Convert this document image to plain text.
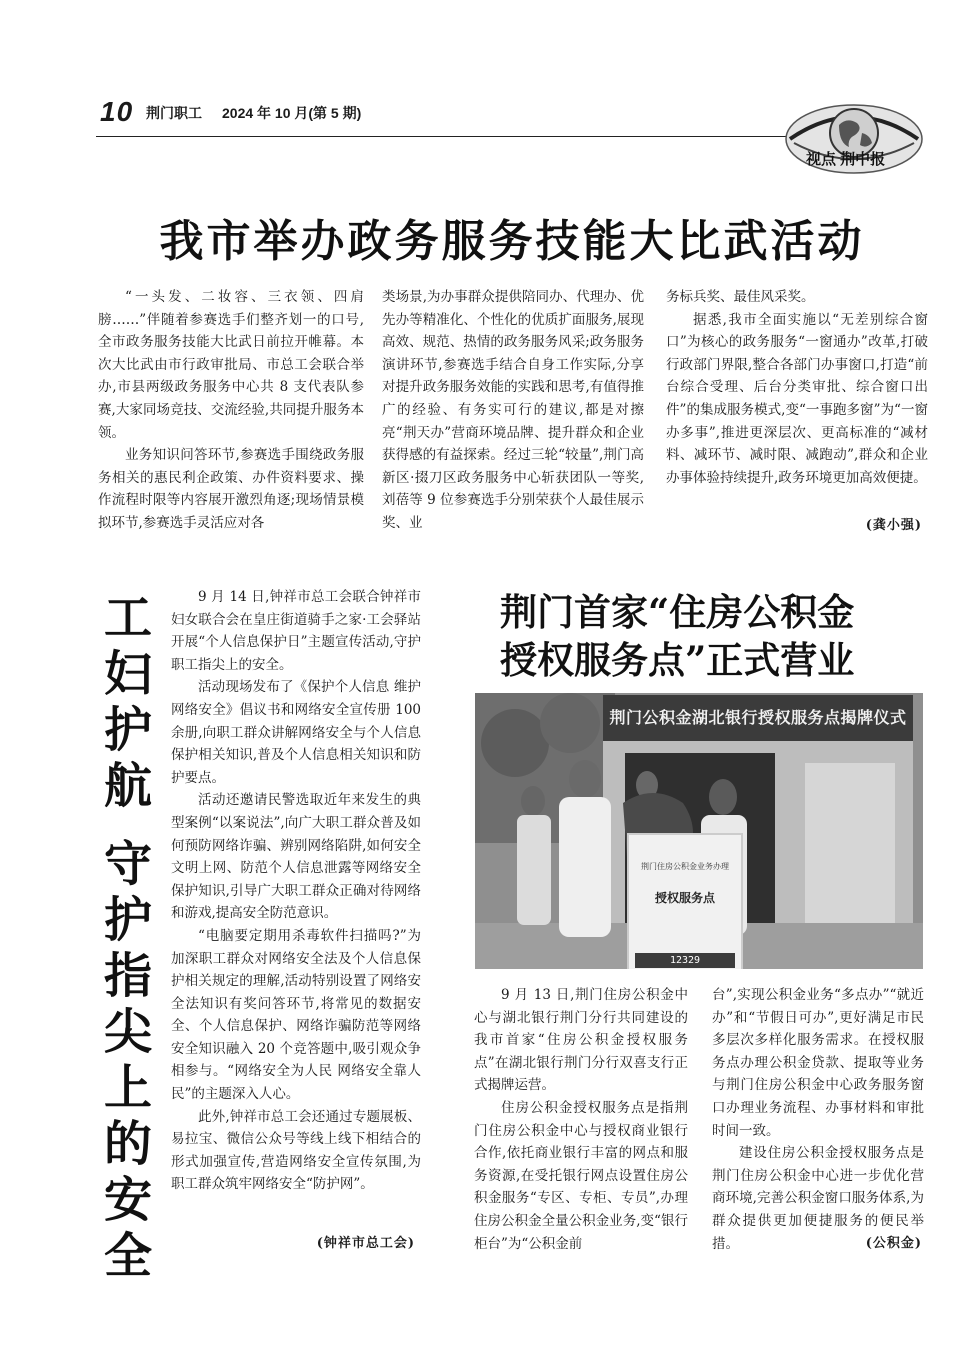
10 荆门职工 2024 年 10 月(第 5 期)
视点 荆中报
我市举办政务服务技能大比武活动

“一头发、二妆容、三衣领、四肩膀……”伴随着参赛选手们整齐划一的口号,全市政务服务技能大比武日前拉开帷幕。本次大比武由市行政审批局、市总工会联合举办,市县两级政务服务中心共 8 支代表队参赛,大家同场竞技、交流经验,共同提升服务本领。

业务知识问答环节,参赛选手围绕政务服务相关的惠民利企政策、办件资料要求、操作流程时限等内容展开激烈角逐;现场情景模拟环节,参赛选手灵活应对各

类场景,为办事群众提供陪同办、代理办、优先办等精准化、个性化的优质扩面服务,展现高效、规范、热情的政务服务风采;政务服务演讲环节,参赛选手结合自身工作实际,分享对提升政务服务效能的实践和思考,有值得推广的经验、有务实可行的建议,都是对擦亮“荆天办”营商环境品牌、提升群众和企业获得感的有益探索。经过三轮“较量”,荆门高新区·掇刀区政务服务中心斩获团队一等奖,刘蓓等 9 位参赛选手分别荣获个人最佳展示奖、业

务标兵奖、最佳风采奖。

据悉,我市全面实施以“无差别综合窗口”为核心的政务服务“一窗通办”改革,打破行政部门界限,整合各部门办事窗口,打造“前台综合受理、后台分类审批、综合窗口出件”的集成服务模式,变“一事跑多窗”为“一窗办多事”,推进更深层次、更高标准的“减材料、减环节、减时限、减跑动”,群众和企业办事体验持续提升,政务环境更加高效便捷。

(龚小强)
工妇护航
守护指尖上的安全

9 月 14 日,钟祥市总工会联合钟祥市妇女联合会在皇庄街道骑手之家·工会驿站开展“个人信息保护日”主题宣传活动,守护职工指尖上的安全。

活动现场发布了《保护个人信息 维护网络安全》倡议书和网络安全宣传册 100 余册,向职工群众讲解网络安全与个人信息保护相关知识,普及个人信息相关知识和防护要点。

活动还邀请民警选取近年来发生的典型案例“以案说法”,向广大职工群众普及如何预防网络诈骗、辨别网络陷阱,如何安全文明上网、防范个人信息泄露等网络安全保护知识,引导广大职工群众正确对待网络和游戏,提高安全防范意识。

“电脑要定期用杀毒软件扫描吗?”为加深职工群众对网络安全法及个人信息保护相关规定的理解,活动特别设置了网络安全法知识有奖问答环节,将常见的数据安全、个人信息保护、网络诈骗防范等网络安全知识融入 20 个竞答题中,吸引观众争相参与。“网络安全为人民 网络安全靠人民”的主题深入人心。

此外,钟祥市总工会还通过专题展板、易拉宝、微信公众号等线上线下相结合的形式加强宣传,营造网络安全宣传氛围,为职工群众筑牢网络安全“防护网”。

(钟祥市总工会)
荆门首家“住房公积金
授权服务点”正式营业
荆门公积金湖北银行授权服务点揭牌仪式
荆门住房公积金业务办理
授权服务点
12329

9 月 13 日,荆门住房公积金中心与湖北银行荆门分行共同建设的我市首家“住房公积金授权服务点”在湖北银行荆门分行双喜支行正式揭牌运营。

住房公积金授权服务点是指荆门住房公积金中心与授权商业银行合作,依托商业银行丰富的网点和服务资源,在受托银行网点设置住房公积金服务“专区、专柜、专员”,办理住房公积金全量公积金业务,变“银行柜台”为“公积金前

台”,实现公积金业务“多点办”“就近办”和“节假日可办”,更好满足市民多层次多样化服务需求。在授权服务点办理公积金贷款、提取等业务与荆门住房公积金中心政务服务窗口办理业务流程、办事材料和审批时间一致。

建设住房公积金授权服务点是荆门住房公积金中心进一步优化营商环境,完善公积金窗口服务体系,为群众提供更加便捷服务的便民举措。	(公积金)
